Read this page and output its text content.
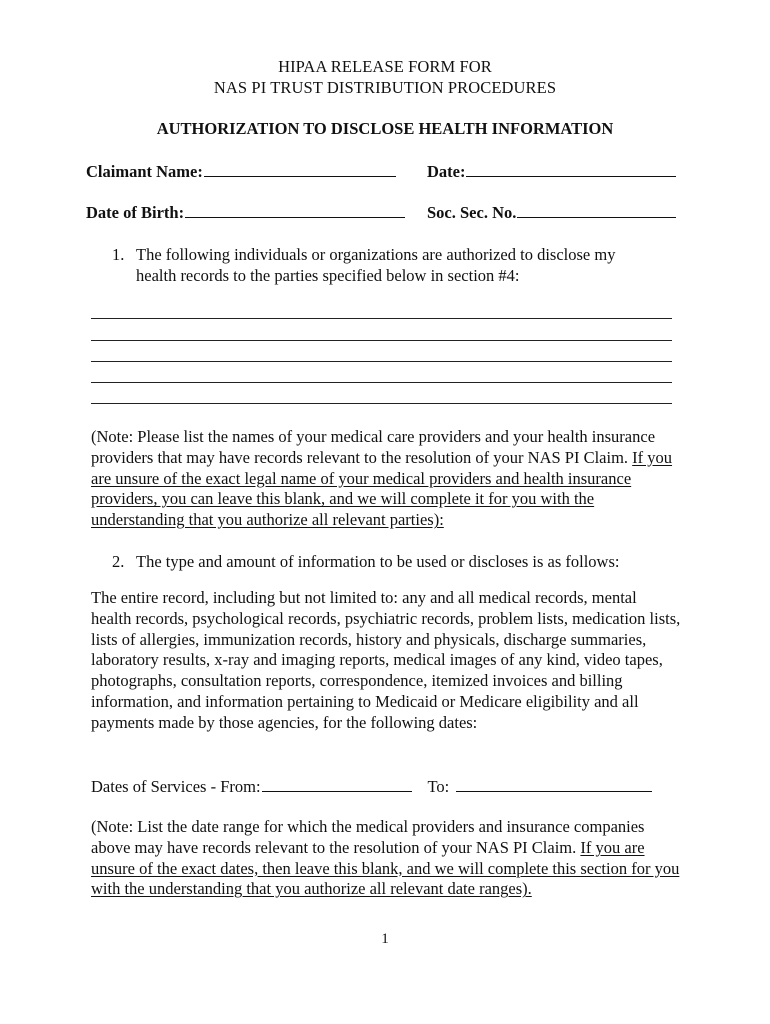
HIPAA RELEASE FORM FOR
NAS PI TRUST DISTRIBUTION PROCEDURES
AUTHORIZATION TO DISCLOSE HEALTH INFORMATION
Claimant Name:	Date:
Date of Birth:	Soc. Sec. No.
1. The following individuals or organizations are authorized to disclose my
health records to the parties specified below in section #4:
(Note: Please list the names of your medical care providers and your health insurance providers that may have records relevant to the resolution of your NAS PI Claim. If you are unsure of the exact legal name of your medical providers and health insurance providers, you can leave this blank, and we will complete it for you with the understanding that you authorize all relevant parties):
2. The type and amount of information to be used or discloses is as follows:
The entire record, including but not limited to: any and all medical records, mental health records, psychological records, psychiatric records, problem lists, medication lists, lists of allergies, immunization records, history and physicals, discharge summaries, laboratory results, x-ray and imaging reports, medical images of any kind, video tapes, photographs, consultation reports, correspondence, itemized invoices and billing information, and information pertaining to Medicaid or Medicare eligibility and all payments made by those agencies, for the following dates:
Dates of Services - From:	To:
(Note: List the date range for which the medical providers and insurance companies above may have records relevant to the resolution of your NAS PI Claim. If you are unsure of the exact dates, then leave this blank, and we will complete this section for you with the understanding that you authorize all relevant date ranges).
1
